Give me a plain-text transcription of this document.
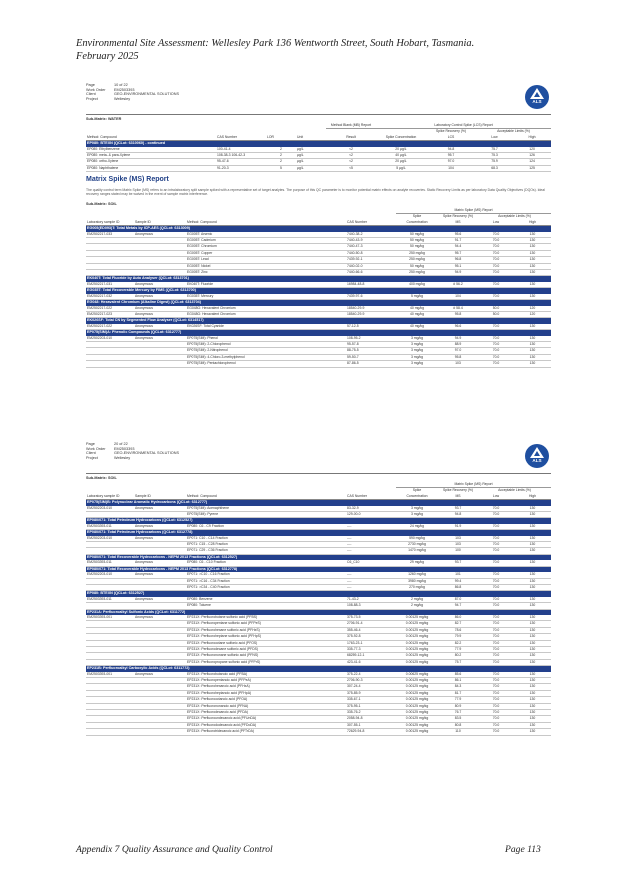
Environmental Site Assessment: Wellesley Park 136 Wentworth Street, South Hobart, Tasmania.
February 2025
Appendix 7 Quality Assurance and Quality Control	Page 113
Page	10 of 22
Work Order EM2503393
Client	GEO-ENVIRONMENTAL SOLUTIONS
Project	Wellesley
ALS
Sub-Matrix: WATER
				Method Blank (MB) Report	Laboratory Control Spike (LCS) Report			
						Spike Recovery (%)	Acceptable Limits (%)	
Method: Compound	CAS Number	LOR	Unit	Result	Spike Concentration	LCS	Low	High
EP080: BTEXN (QCLot: 6310060) - continued								
EP080: Ethylbenzene	100-41-4	2	µg/L	<2	20 µg/L	94.8	75.7	120
EP080: meta- & para-Xylene	108-38-3 106-42-3	2	µg/L	<2	40 µg/L	95.7	75.3	126
EP080: ortho-Xylene	95-47-6	2	µg/L	<2	20 µg/L	97.0	75.9	124
EP080: Naphthalene	91-20-3	5	µg/L	<5	5 µg/L	104	68.3	125
Matrix Spike (MS) Report
The quality control term Matrix Spike (MS) refers to an intralaboratory split sample spiked with a representative set of target analytes. The purpose of this QC parameter is to monitor potential matrix effects on analyte recoveries. Static Recovery Limits as per laboratory Data Quality Objectives (DQOs). Ideal recovery ranges stated may be waived in the event of sample matrix interference.
Sub-Matrix: SOIL
				Matrix Spike (MS) Report			
				Spike	Spike Recovery (%)	Acceptable Limits (%)	
Laboratory sample ID	Sample ID	Method: Compound	CAS Number	Concentration	MS	Low	High
EG005(ED093)T: Total Metals by ICP-AES (QCLot: 6313009)							
EM2502217-033	Anonymous	EG005T: Arsenic	7440-38-2	50 mg/kg	95.6	70.0	130
		EG005T: Cadmium	7440-43-9	50 mg/kg	91.7	70.0	130
		EG005T: Chromium	7440-47-3	50 mg/kg	94.4	70.0	130
		EG005T: Copper	7440-50-8	250 mg/kg	95.7	70.0	130
		EG005T: Lead	7439-92-1	250 mg/kg	96.8	70.0	130
		EG005T: Nickel	7440-02-0	50 mg/kg	95.1	70.0	130
		EG005T: Zinc	7440-66-6	250 mg/kg	94.9	70.0	130
EK040T: Total Fluoride by Auto Analyser (QCLot: 6313701)							
EM2502217-031	Anonymous	EK040T: Fluoride	16984-48-8	400 mg/kg	# 56.2	70.0	130
EG035T: Total Recoverable Mercury by FIMS (QCLot: 6313700)							
EM2502217-032	Anonymous	EG035T: Mercury	7439-97-6	5 mg/kg	104	70.0	130
EG048: Hexavalent Chromium (Alkaline Digest) (QCLot: 6313704)							
EM2502217-022	Anonymous	EG048G: Hexavalent Chromium	18540-29-9	40 mg/kg	# 58.4	50.0	120
EM2502217-023	Anonymous	EG048G: Hexavalent Chromium	18540-29-9	40 mg/kg	95.8	50.0	120
EK026SF: Total CN by Segmented Flow Analyser (QCLot: 6314517)							
EM2502217-022	Anonymous	EK026SF: Total Cyanide	57-12-5	40 mg/kg	96.6	70.0	130
EP075(SIM)A: Phenolic Compounds (QCLot: 6312777)							
EM2502203-010	Anonymous	EP075(SIM): Phenol	108-95-2	3 mg/kg	94.9	70.0	130
		EP075(SIM): 2-Chlorophenol	95-57-8	3 mg/kg	88.9	70.0	130
		EP075(SIM): 2-Nitrophenol	88-75-5	3 mg/kg	97.0	70.0	130
		EP075(SIM): 4-Chloro-3-methylphenol	59-50-7	3 mg/kg	95.8	70.0	130
		EP075(SIM): Pentachlorophenol	87-86-5	3 mg/kg	103	70.0	130
Page	20 of 22
Work Order EM2503393
Client	GEO-ENVIRONMENTAL SOLUTIONS
Project	Wellesley
ALS
Sub-Matrix: SOIL
				Matrix Spike (MS) Report			
				Spike	Spike Recovery (%)	Acceptable Limits (%)	
Laboratory sample ID	Sample ID	Method: Compound	CAS Number	Concentration	MS	Low	High
EP075(SIM)B: Polynuclear Aromatic Hydrocarbons (QCLot: 6312777)							
EM2502203-010	Anonymous	EP075(SIM): Acenaphthene	83-32-9	3 mg/kg	93.7	70.0	130
		EP075(SIM): Pyrene	129-00-0	3 mg/kg	94.8	70.0	130
EP080/071: Total Petroleum Hydrocarbons (QCLot: 6312527)							
EM2503393-011	Anonymous	EP080: C6 - C9 Fraction	----	24 mg/kg	91.9	70.0	130
EP080/071: Total Petroleum Hydrocarbons (QCLot: 6312778)							
EM2502203-010	Anonymous	EP071: C10 - C14 Fraction	----	590 mg/kg	103	70.0	130
		EP071: C15 - C28 Fraction	----	2730 mg/kg	103	70.0	130
		EP071: C29 - C36 Fraction	----	1470 mg/kg	100	70.0	130
EP080/071: Total Recoverable Hydrocarbons - NEPM 2013 Fractions (QCLot: 6312527)							
EM2503393-011	Anonymous	EP080: C6 - C10 Fraction	C6_C10	29 mg/kg	93.7	70.0	130
EP080/071: Total Recoverable Hydrocarbons - NEPM 2013 Fractions (QCLot: 6312778)							
EM2502203-010	Anonymous	EP071: >C10 - C16 Fraction	----	1260 mg/kg	101	70.0	130
		EP071: >C16 - C34 Fraction	----	3980 mg/kg	99.4	70.0	130
		EP071: >C34 - C40 Fraction	----	270 mg/kg	86.8	70.0	130
EP080: BTEXN (QCLot: 6312527)							
EM2503393-011	Anonymous	EP080: Benzene	71-43-2	2 mg/kg	87.0	70.0	130
		EP080: Toluene	108-88-3	2 mg/kg	94.7	70.0	130
EP231A: Perfluoroalkyl Sulfonic Acids (QCLot: 6311772)							
EM2503393-001	Anonymous	EP231X: Perfluorobutane sulfonic acid (PFBS)	375-73-5	0.00125 mg/kg	86.0	70.0	130
		EP231X: Perfluoropentane sulfonic acid (PFPeS)	2706-91-4	0.00125 mg/kg	82.7	70.0	130
		EP231X: Perfluorohexane sulfonic acid (PFHxS)	355-46-4	0.00125 mg/kg	78.6	70.0	130
		EP231X: Perfluoroheptane sulfonic acid (PFHpS)	375-92-8	0.00125 mg/kg	79.9	70.0	130
		EP231X: Perfluorooctane sulfonic acid (PFOS)	1763-23-1	0.00125 mg/kg	82.2	70.0	130
		EP231X: Perfluorodecane sulfonic acid (PFDS)	335-77-3	0.00125 mg/kg	77.9	70.0	130
		EP231X: Perfluorononane sulfonic acid (PFNS)	68259-12-1	0.00125 mg/kg	80.2	70.0	130
		EP231X: Perfluoropropane sulfonic acid (PFPrS)	423-41-6	0.00125 mg/kg	75.7	70.0	130
EP231B: Perfluoroalkyl Carboxylic Acids (QCLot: 6311772)							
EM2503393-001	Anonymous	EP231X: Perfluorobutanoic acid (PFBA)	375-22-4	0.00625 mg/kg	85.6	70.0	130
		EP231X: Perfluoropentanoic acid (PFPeA)	2706-90-3	0.00125 mg/kg	86.1	70.0	130
		EP231X: Perfluorohexanoic acid (PFHxA)	307-24-4	0.00125 mg/kg	84.3	70.0	130
		EP231X: Perfluoroheptanoic acid (PFHpA)	375-85-9	0.00125 mg/kg	81.7	70.0	130
		EP231X: Perfluorooctanoic acid (PFOA)	335-67-1	0.00125 mg/kg	77.9	70.0	130
		EP231X: Perfluorononanoic acid (PFNA)	375-95-1	0.00125 mg/kg	80.9	70.0	130
		EP231X: Perfluorodecanoic acid (PFDA)	335-76-2	0.00125 mg/kg	76.7	70.0	130
		EP231X: Perfluoroundecanoic acid (PFUnDA)	2058-94-8	0.00125 mg/kg	83.5	70.0	130
		EP231X: Perfluorododecanoic acid (PFDoDA)	307-55-1	0.00125 mg/kg	80.8	70.0	130
		EP231X: Perfluorotridecanoic acid (PFTrDA)	72629-94-8	0.00125 mg/kg	110	70.0	130
